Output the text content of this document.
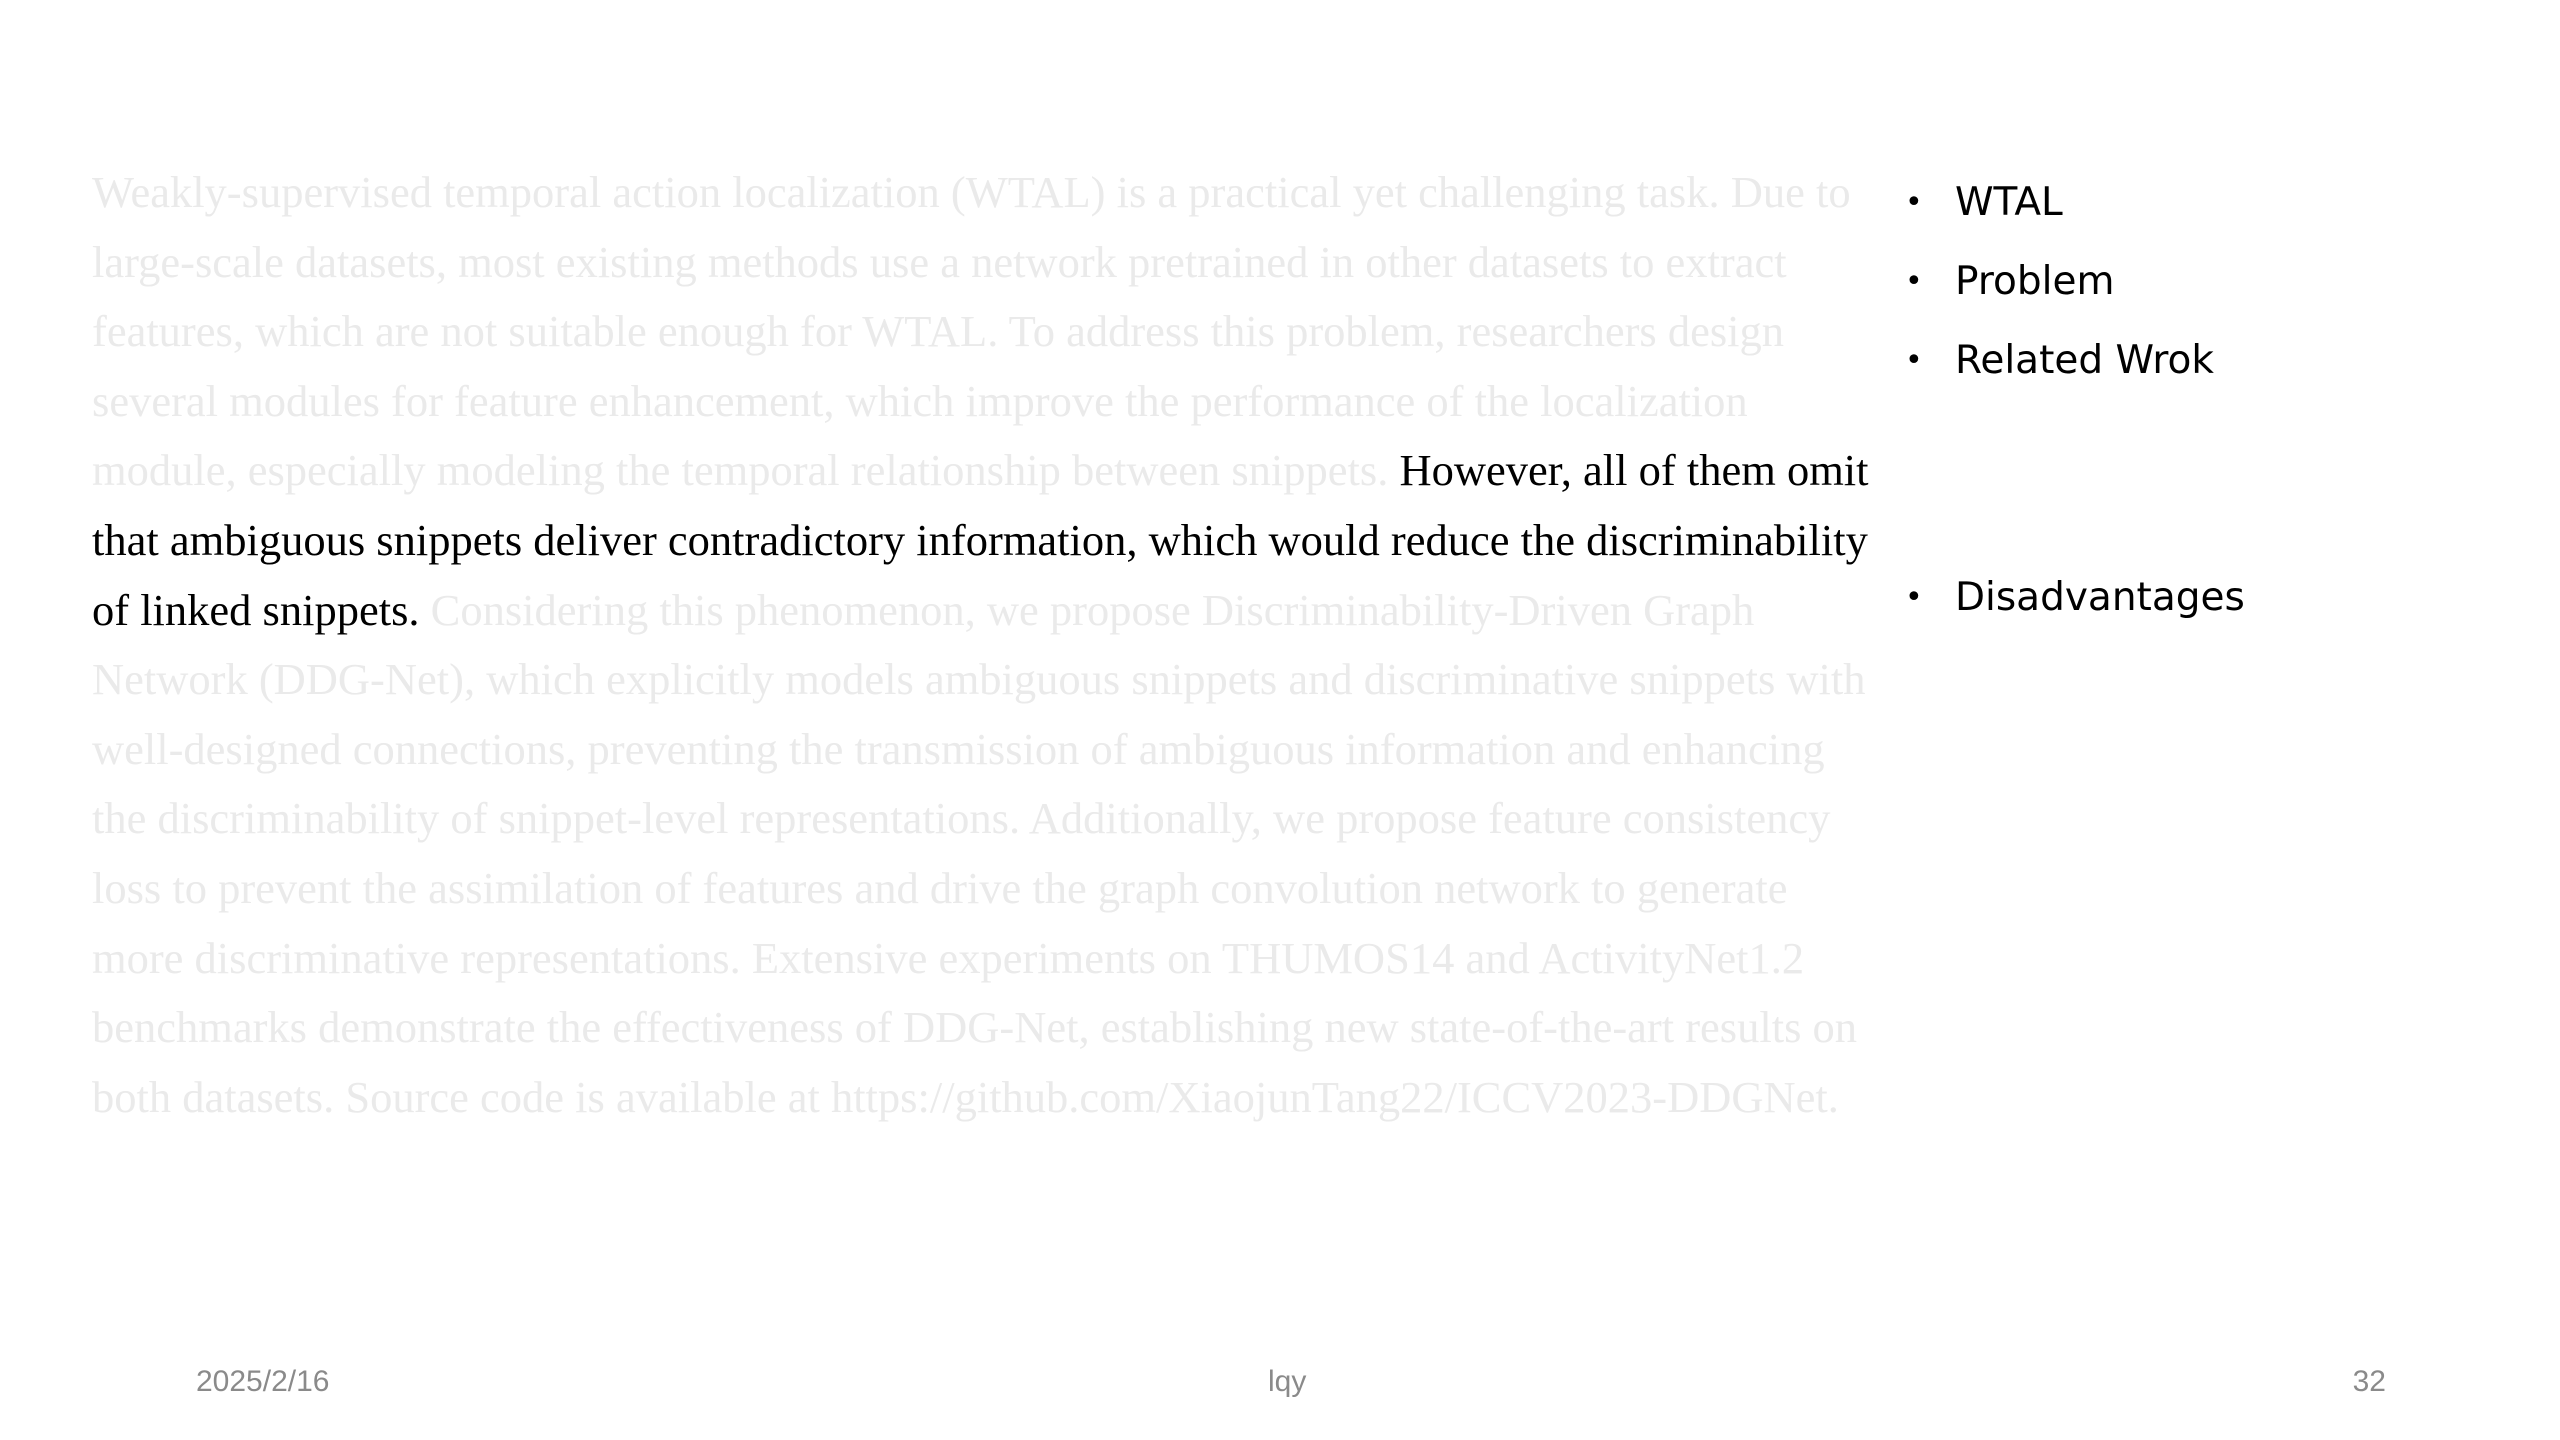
Weakly-supervised temporal action localization (WTAL) is a practical yet challenging task. Due to large-scale datasets, most existing methods use a network pretrained in other datasets to extract features, which are not suitable enough for WTAL. To address this problem, researchers design several modules for feature enhancement, which improve the performance of the localization module, especially modeling the temporal relationship between snippets. However, all of them omit that ambiguous snippets deliver contradictory information, which would reduce the discriminability of linked snippets. Considering this phenomenon, we propose Discriminability-Driven Graph Network (DDG-Net), which explicitly models ambiguous snippets and discriminative snippets with well-designed connections, preventing the transmission of ambiguous information and enhancing the discriminability of snippet-level representations. Additionally, we propose feature consistency loss to prevent the assimilation of features and drive the graph convolution network to generate more discriminative representations. Extensive experiments on THUMOS14 and ActivityNet1.2 benchmarks demonstrate the effectiveness of DDG-Net, establishing new state-of-the-art results on both datasets. Source code is available at https://github.com/XiaojunTang22/ICCV2023-DDGNet.

• WTAL
• Problem
• Related Wrok
• Disadvantages
2025/2/16	lqy	32
